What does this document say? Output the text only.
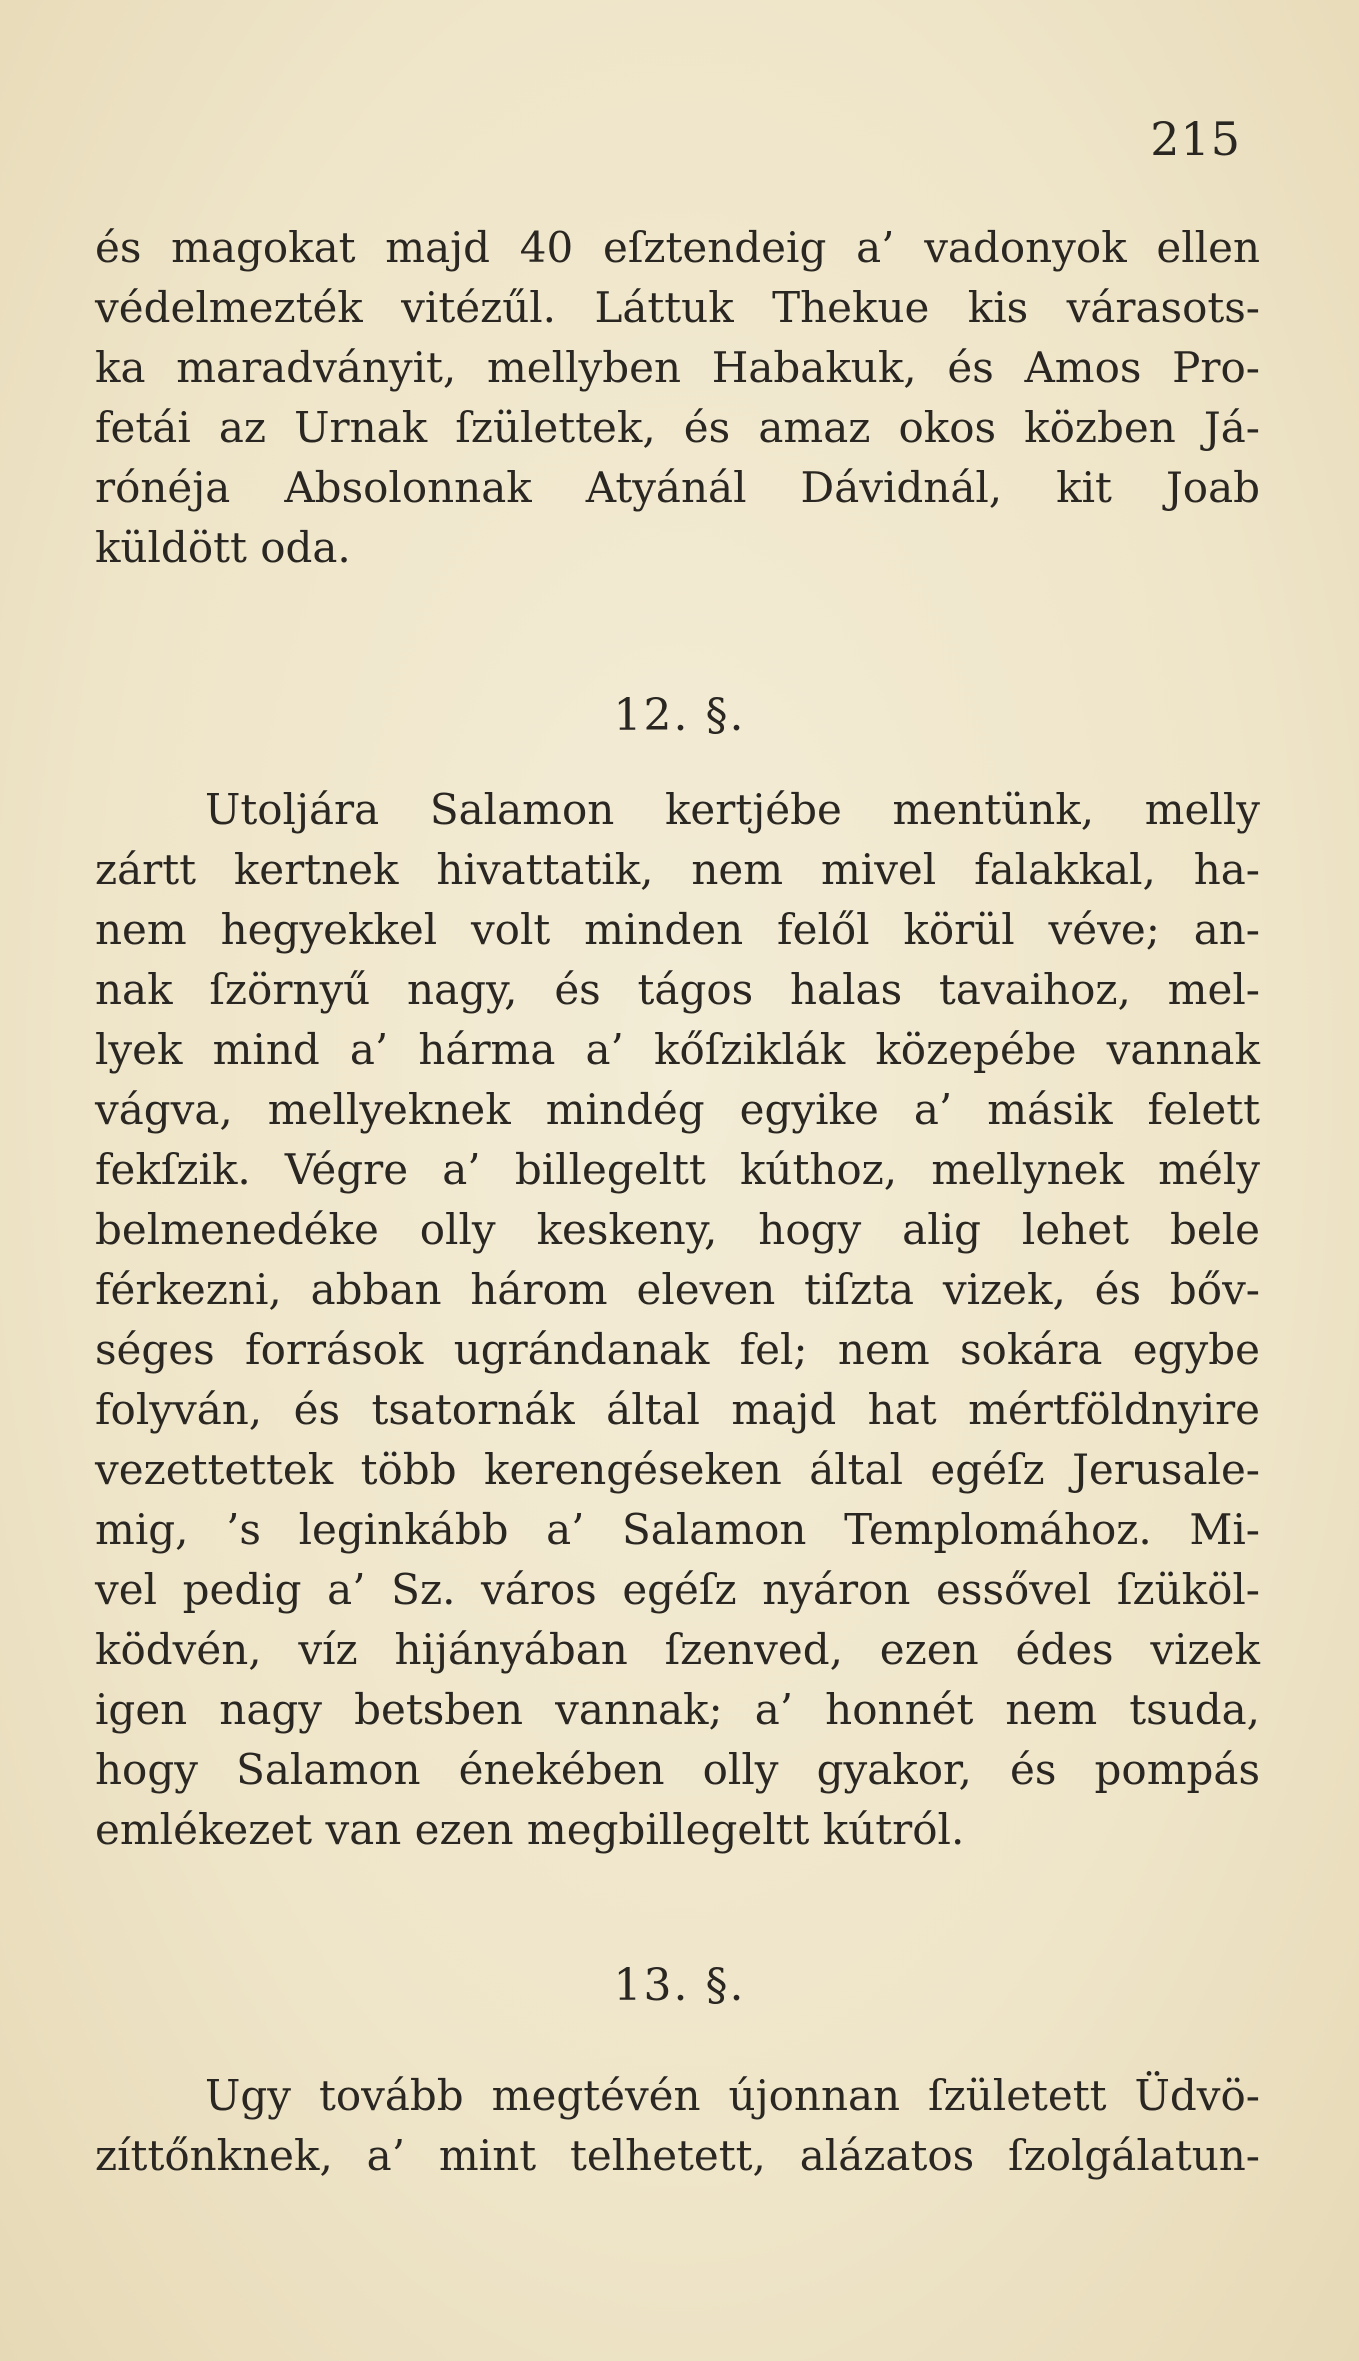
215
és magokat majd 40 eſztendeig a’ vadonyok ellen
védelmezték vitézűl. Láttuk Thekue kis várasots-
ka maradványit, mellyben Habakuk, és Amos Pro-
fetái az Urnak ſzülettek, és amaz okos közben Já-
rónéja Absolonnak Atyánál Dávidnál, kit Joab
küldött oda.
12. §.
Utoljára Salamon kertjébe mentünk, melly
zártt kertnek hivattatik, nem mivel falakkal, ha-
nem hegyekkel volt minden felől körül véve; an-
nak ſzörnyű nagy, és tágos halas tavaihoz, mel-
lyek mind a’ hárma a’ kőſziklák közepébe vannak
vágva, mellyeknek mindég egyike a’ másik felett
fekſzik. Végre a’ billegeltt kúthoz, mellynek mély
belmenedéke olly keskeny, hogy alig lehet bele
férkezni, abban három eleven tiſzta vizek, és bőv-
séges források ugrándanak fel; nem sokára egybe
folyván, és tsatornák által majd hat mértföldnyire
vezettettek több kerengéseken által egéſz Jerusale-
mig, ’s leginkább a’ Salamon Templomához. Mi-
vel pedig a’ Sz. város egéſz nyáron essővel ſzüköl-
ködvén, víz hijányában ſzenved, ezen édes vizek
igen nagy betsben vannak; a’ honnét nem tsuda,
hogy Salamon énekében olly gyakor, és pompás
emlékezet van ezen megbillegeltt kútról.
13. §.
Ugy tovább megtévén újonnan ſzületett Üdvö-
zíttőnknek, a’ mint telhetett, alázatos ſzolgálatun-
